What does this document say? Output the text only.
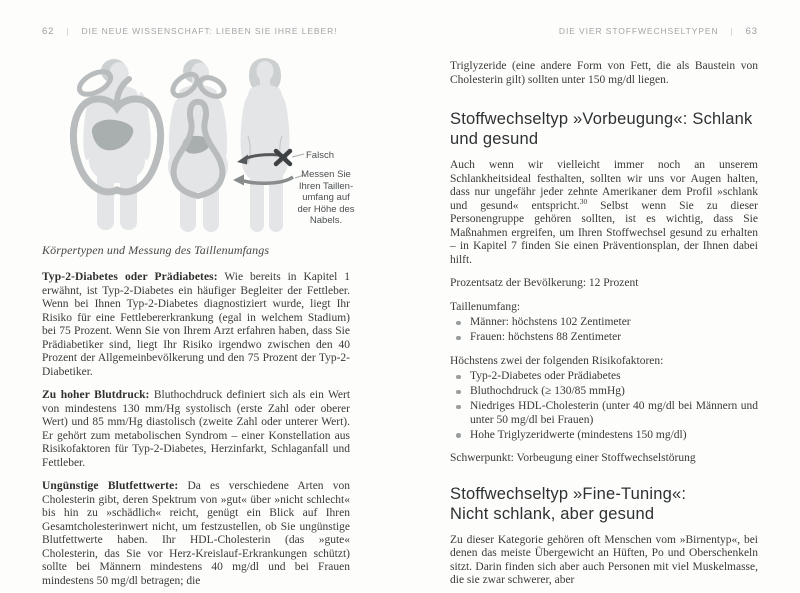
62 | DIE NEUE WISSENSCHAFT: LIEBEN SIE IHRE LEBER!
Falsch
Messen Sie Ihren Taillenumfang auf der Höhe des Nabels.
Körpertypen und Messung des Taillenumfangs

Typ-2-Diabetes oder Prädiabetes: Wie bereits in Kapitel 1 erwähnt, ist Typ-2-Diabetes ein häufiger Begleiter der Fettleber. Wenn bei Ihnen Typ-2-Diabetes diagnostiziert wurde, liegt Ihr Risiko für eine Fettlebererkrankung (egal in welchem Stadium) bei 75 Prozent. Wenn Sie von Ihrem Arzt erfahren haben, dass Sie Prädiabetiker sind, liegt Ihr Risiko irgendwo zwischen den 40 Prozent der Allgemeinbevölkerung und den 75 Prozent der Typ-2-Diabetiker.

Zu hoher Blutdruck: Bluthochdruck definiert sich als ein Wert von mindestens 130 mm/Hg systolisch (erste Zahl oder oberer Wert) und 85 mm/Hg diastolisch (zweite Zahl oder unterer Wert). Er gehört zum metabolischen Syndrom – einer Konstellation aus Risikofaktoren für Typ-2-Diabetes, Herzinfarkt, Schlaganfall und Fettleber.

Ungünstige Blutfettwerte: Da es verschiedene Arten von Cholesterin gibt, deren Spektrum von »gut« über »nicht schlecht« bis hin zu »schädlich« reicht, genügt ein Blick auf Ihren Gesamtcholesterinwert nicht, um festzustellen, ob Sie ungünstige Blutfettwerte haben. Ihr HDL-Cholesterin (das »gute« Cholesterin, das Sie vor Herz-Kreislauf-Erkrankungen schützt) sollte bei Männern mindestens 40 mg/dl und bei Frauen mindestens 50 mg/dl betragen; die

DIE VIER STOFFWECHSELTYPEN | 63

Triglyzeride (eine andere Form von Fett, die als Baustein von Cholesterin gilt) sollten unter 150 mg/dl liegen.

Stoffwechseltyp »Vorbeugung«: Schlank und gesund

Auch wenn wir vielleicht immer noch an unserem Schlankheitsideal festhalten, sollten wir uns vor Augen halten, dass nur ungefähr jeder zehnte Amerikaner dem Profil »schlank und gesund« entspricht.$^{30}$ Selbst wenn Sie zu dieser Personengruppe gehören sollten, ist es wichtig, dass Sie Maßnahmen ergreifen, um Ihren Stoffwechsel gesund zu erhalten – in Kapitel 7 finden Sie einen Präventionsplan, der Ihnen dabei hilft.

Prozentsatz der Bevölkerung: 12 Prozent

Taillenumfang:

Männer: höchstens 102 Zentimeter
Frauen: höchstens 88 Zentimeter

Höchstens zwei der folgenden Risikofaktoren:

Typ-2-Diabetes oder Prädiabetes
Bluthochdruck (≥ 130/85 mmHg)
Niedriges HDL-Cholesterin (unter 40 mg/dl bei Männern und unter 50 mg/dl bei Frauen)
Hohe Triglyzeridwerte (mindestens 150 mg/dl)

Schwerpunkt: Vorbeugung einer Stoffwechselstörung

Stoffwechseltyp »Fine-Tuning«:
Nicht schlank, aber gesund

Zu dieser Kategorie gehören oft Menschen vom »Birnentyp«, bei denen das meiste Übergewicht an Hüften, Po und Oberschenkeln sitzt. Darin finden sich aber auch Personen mit viel Muskelmasse, die sie zwar schwerer, aber
